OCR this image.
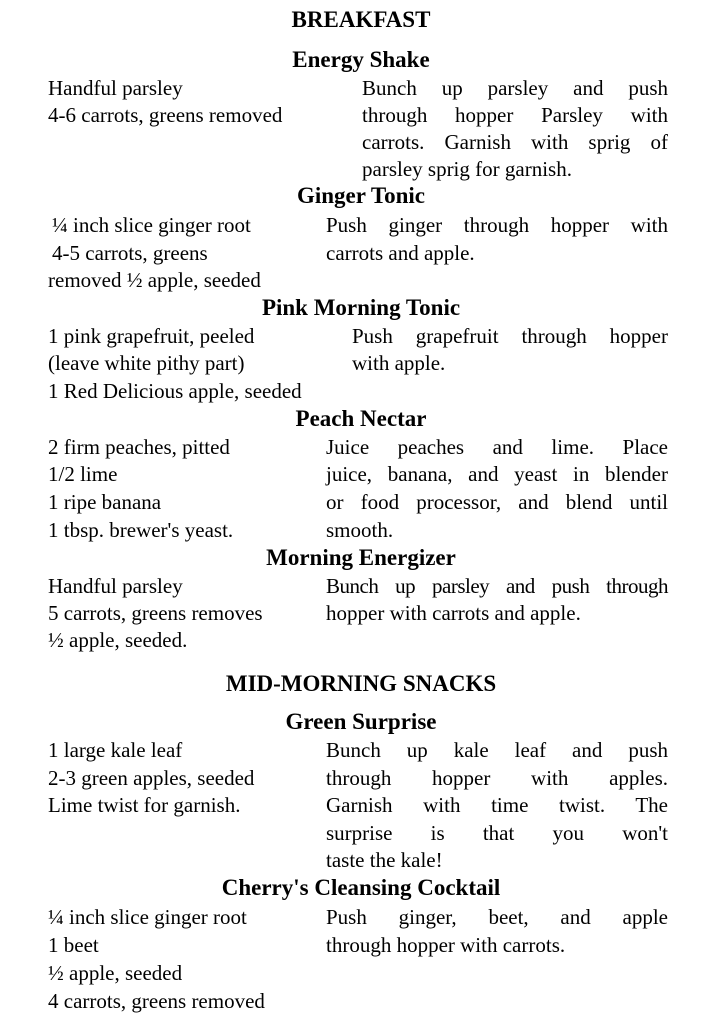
BREAKFAST
Energy Shake
Handful parsley
4-6 carrots, greens removed
Bunch up parsley and push
through hopper Parsley with
carrots. Garnish with sprig of
parsley sprig for garnish.
Ginger Tonic
¼ inch slice ginger root
4-5 carrots, greens
removed ½ apple, seeded
Push ginger through hopper with
carrots and apple.
Pink Morning Tonic
1 pink grapefruit, peeled
(leave white pithy part)
1 Red Delicious apple, seeded
Push grapefruit through hopper
with apple.
Peach Nectar
2 firm peaches, pitted
1/2 lime
1 ripe banana
1 tbsp. brewer's yeast.
Juice peaches and lime. Place
juice, banana, and yeast in blender
or food processor, and blend until
smooth.
Morning Energizer
Handful parsley
5 carrots, greens removes
½ apple, seeded.
Bunch up parsley and push through
hopper with carrots and apple.
MID-MORNING SNACKS
Green Surprise
1 large kale leaf
2-3 green apples, seeded
Lime twist for garnish.
Bunch up kale leaf and push
through hopper with apples.
Garnish with time twist. The
surprise is that you won't
taste the kale!
Cherry's Cleansing Cocktail
¼ inch slice ginger root
1 beet
½ apple, seeded
4 carrots, greens removed
Push ginger, beet, and apple
through hopper with carrots.
